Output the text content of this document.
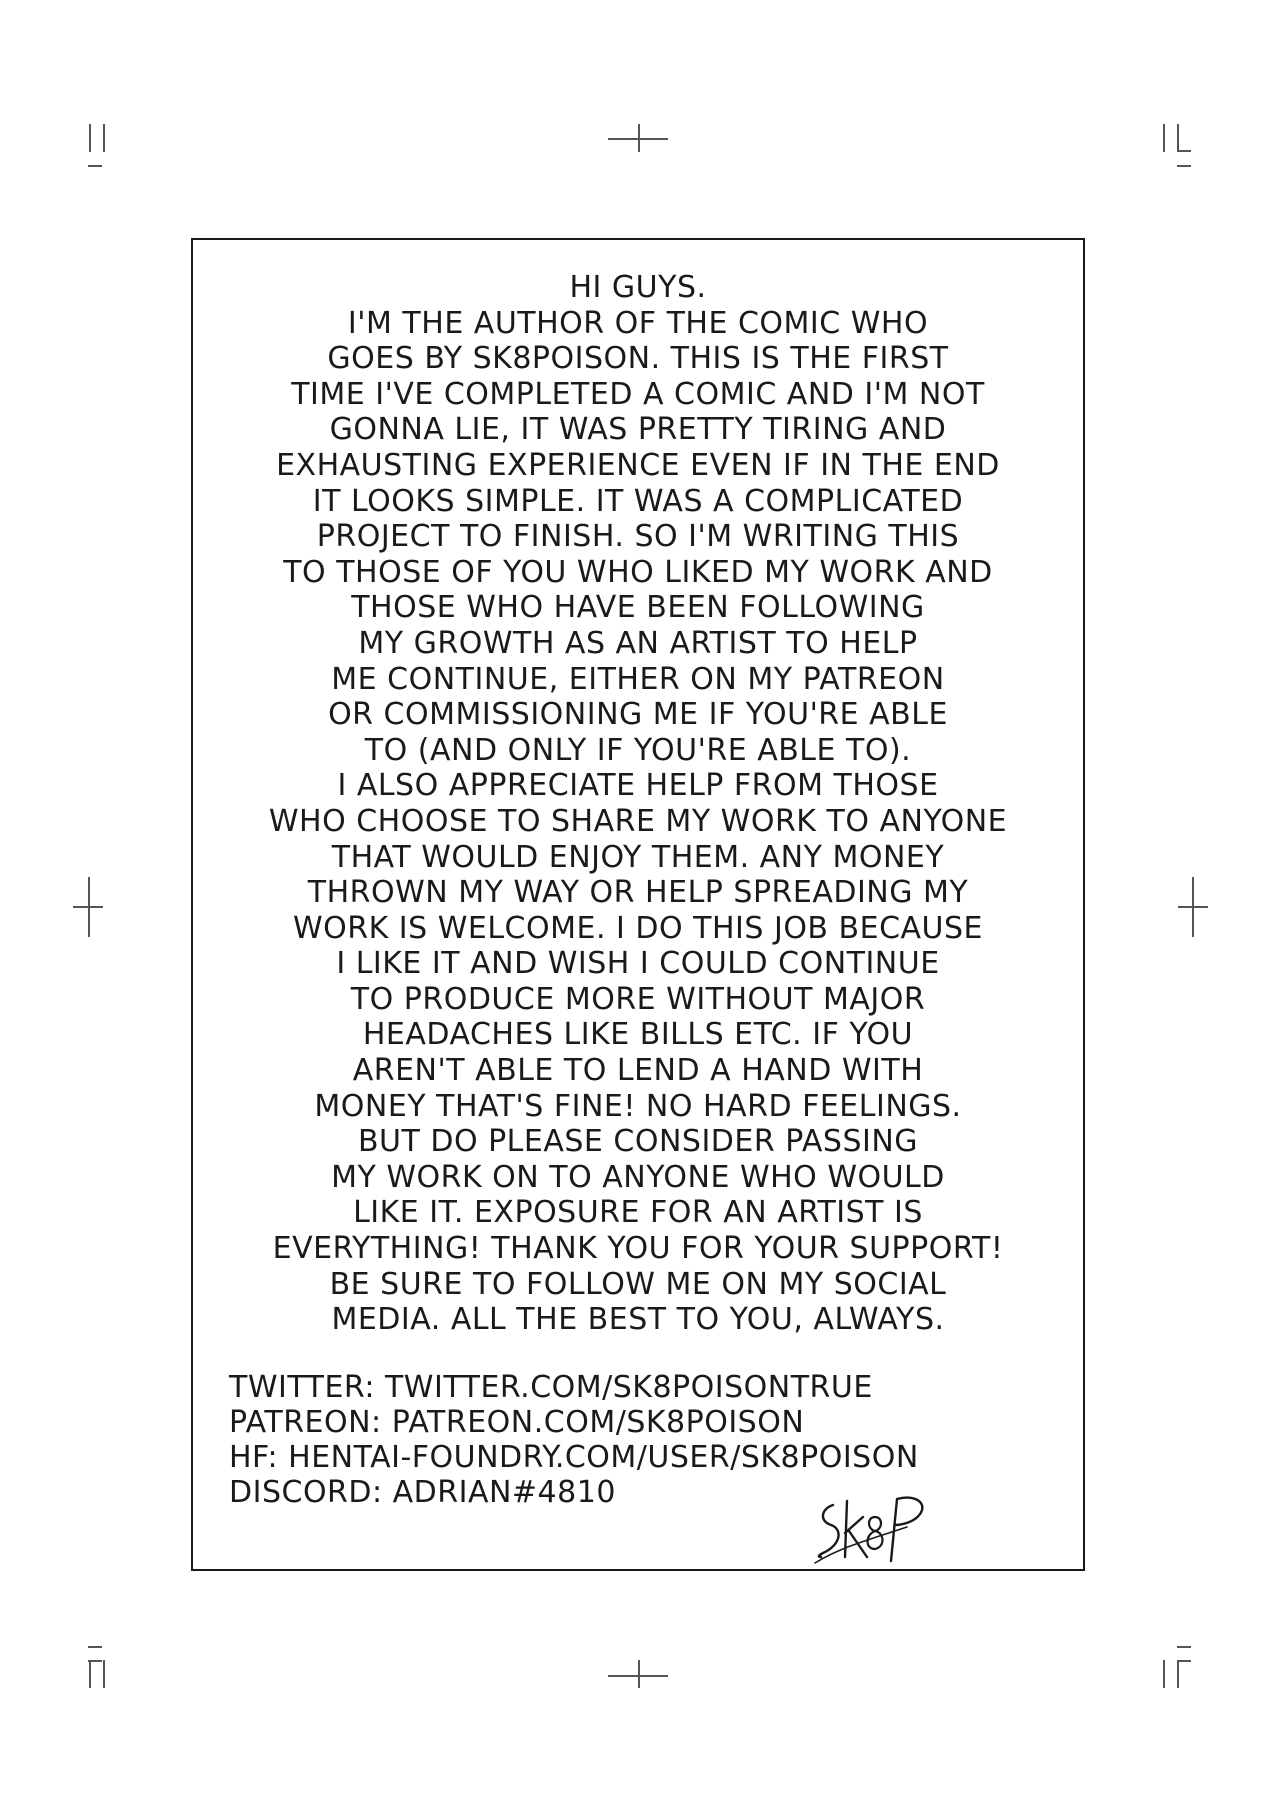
HI GUYS.
I'M THE AUTHOR OF THE COMIC WHO
GOES BY SK8POISON. THIS IS THE FIRST
TIME I'VE COMPLETED A COMIC AND I'M NOT
GONNA LIE, IT WAS PRETTY TIRING AND
EXHAUSTING EXPERIENCE EVEN IF IN THE END
IT LOOKS SIMPLE. IT WAS A COMPLICATED
PROJECT TO FINISH. SO I'M WRITING THIS
TO THOSE OF YOU WHO LIKED MY WORK AND
THOSE WHO HAVE BEEN FOLLOWING
MY GROWTH AS AN ARTIST TO HELP
ME CONTINUE, EITHER ON MY PATREON
OR COMMISSIONING ME IF YOU'RE ABLE
TO (AND ONLY IF YOU'RE ABLE TO).
I ALSO APPRECIATE HELP FROM THOSE
WHO CHOOSE TO SHARE MY WORK TO ANYONE
THAT WOULD ENJOY THEM. ANY MONEY
THROWN MY WAY OR HELP SPREADING MY
WORK IS WELCOME. I DO THIS JOB BECAUSE
I LIKE IT AND WISH I COULD CONTINUE
TO PRODUCE MORE WITHOUT MAJOR
HEADACHES LIKE BILLS ETC. IF YOU
AREN'T ABLE TO LEND A HAND WITH
MONEY THAT'S FINE! NO HARD FEELINGS.
BUT DO PLEASE CONSIDER PASSING
MY WORK ON TO ANYONE WHO WOULD
LIKE IT. EXPOSURE FOR AN ARTIST IS
EVERYTHING! THANK YOU FOR YOUR SUPPORT!
BE SURE TO FOLLOW ME ON MY SOCIAL
MEDIA. ALL THE BEST TO YOU, ALWAYS.
TWITTER: TWITTER.COM/SK8POISONTRUE
PATREON: PATREON.COM/SK8POISON
HF: HENTAI-FOUNDRY.COM/USER/SK8POISON
DISCORD: ADRIAN#4810
